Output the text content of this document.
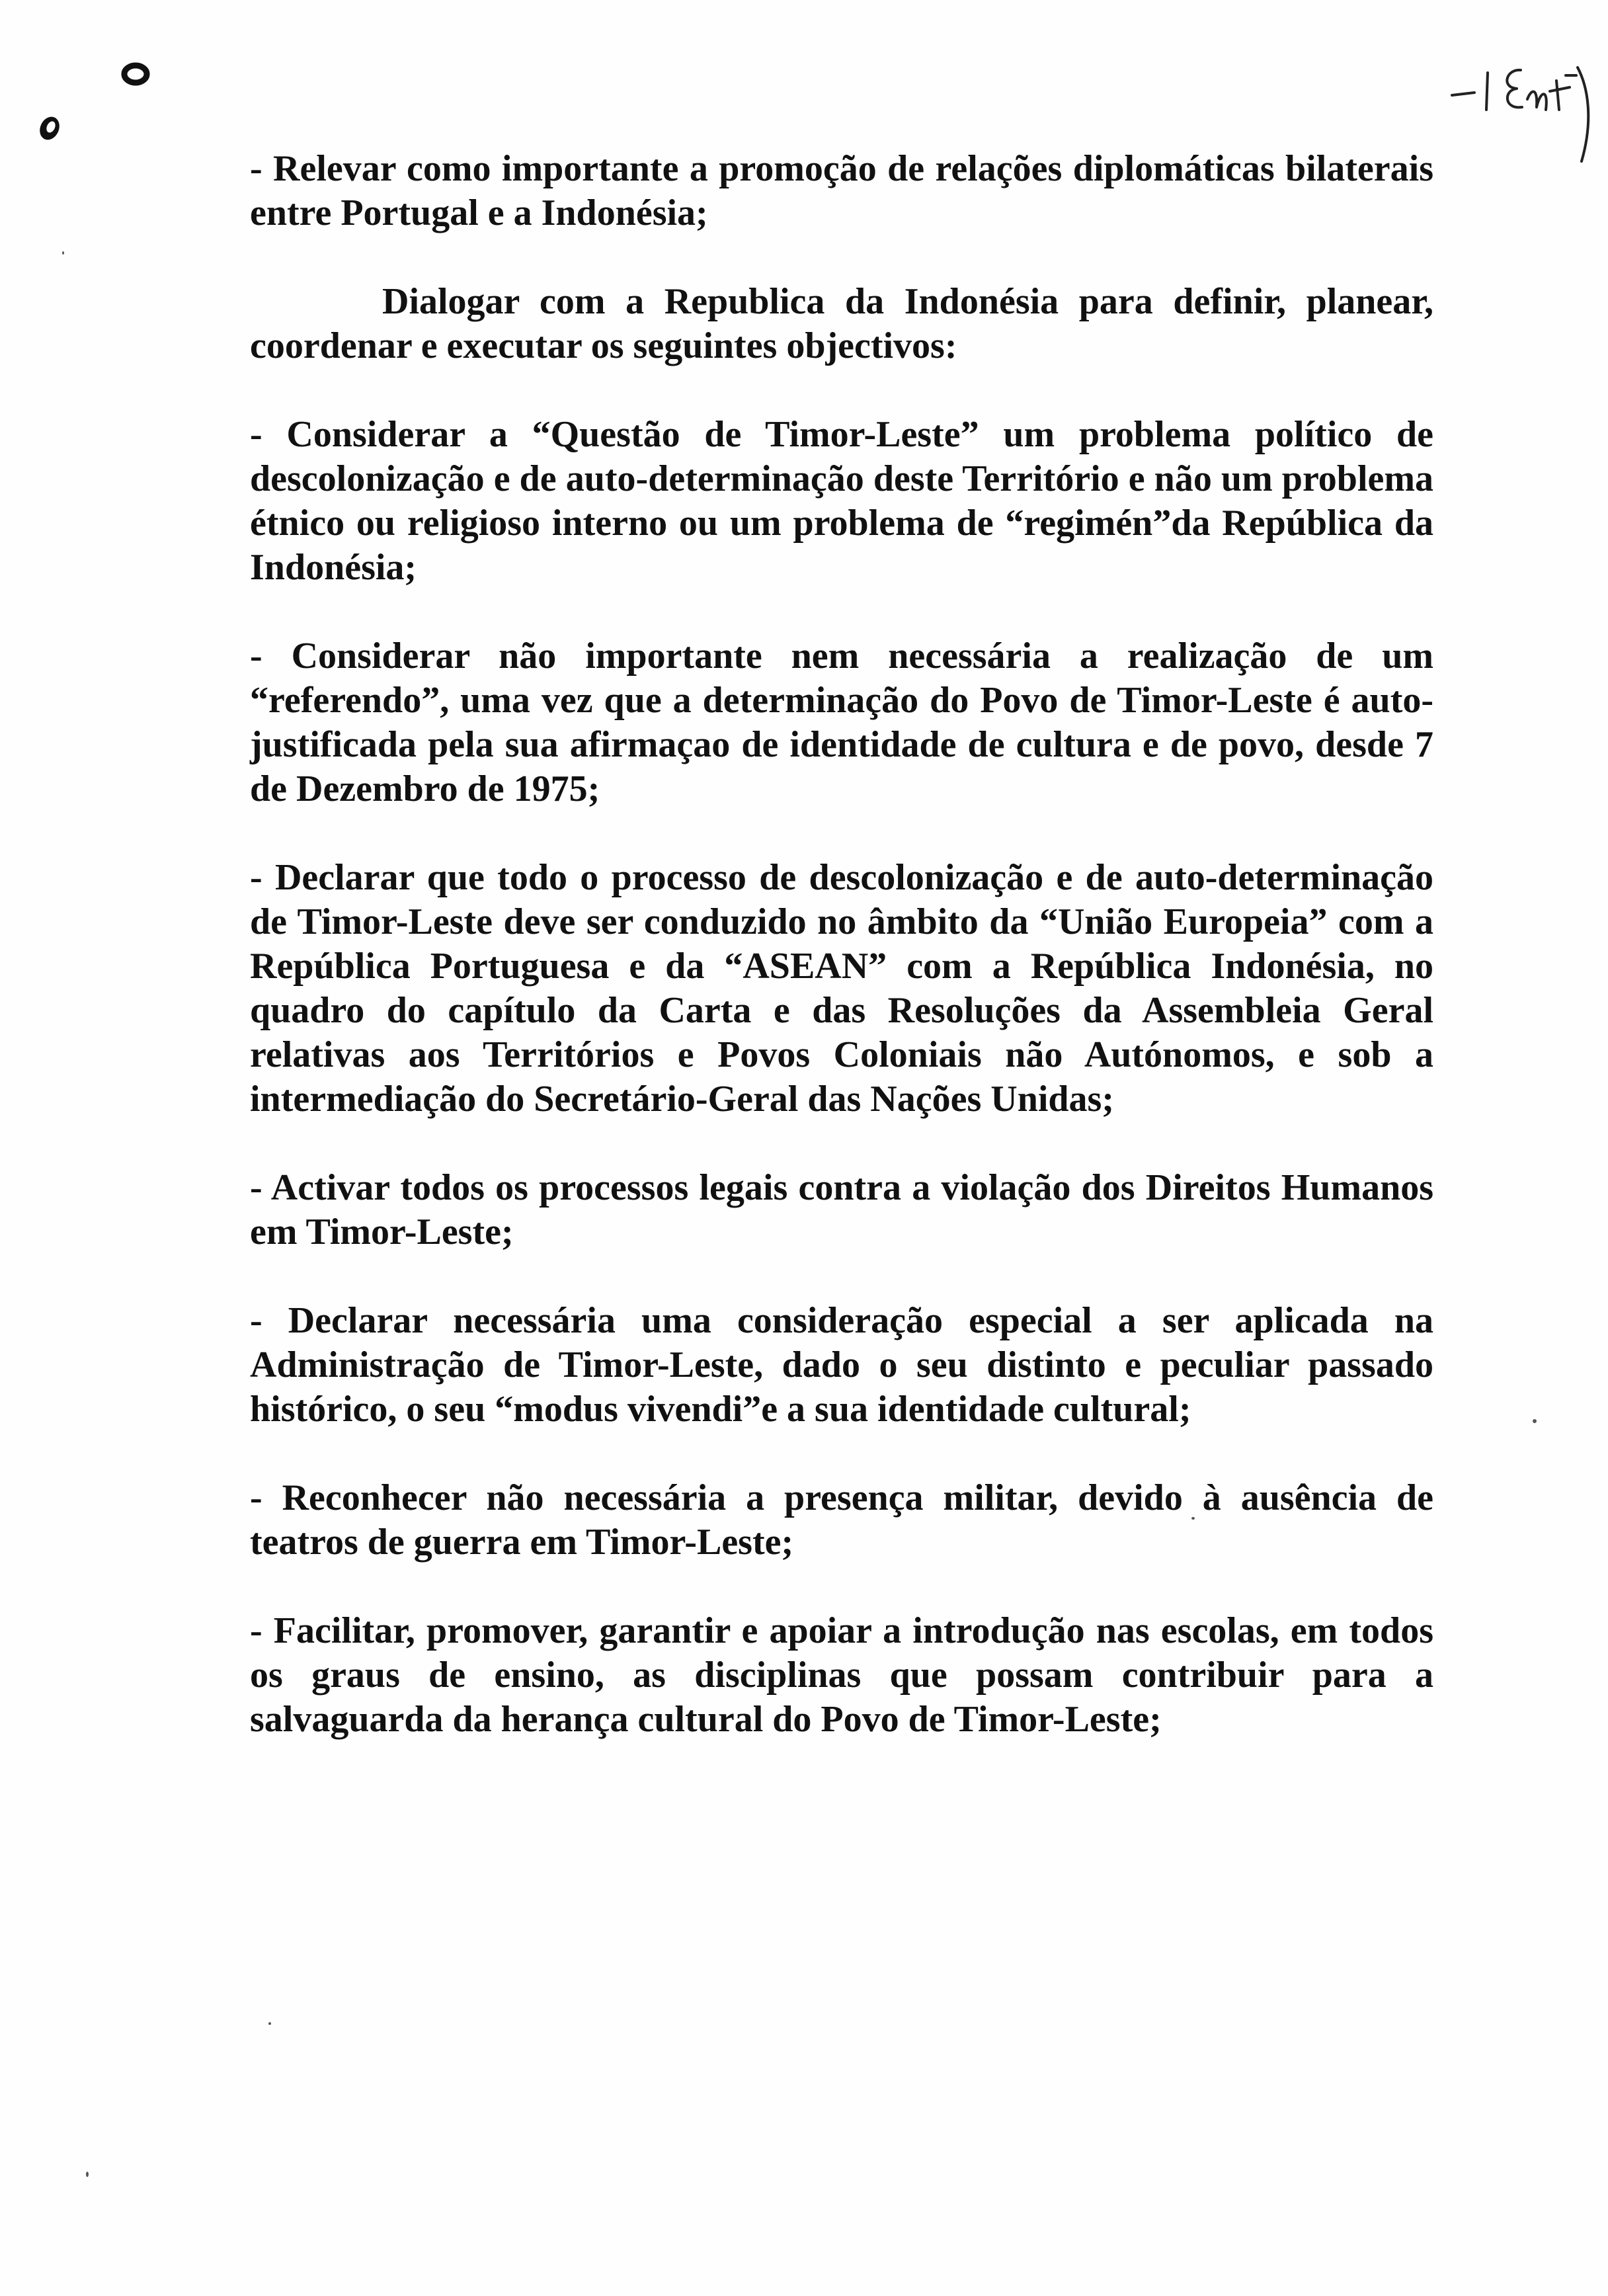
- Relevar como importante a promoção de relações diplomáticas bilaterais entre Portugal e a Indonésia;

Dialogar com a Republica da Indonésia para definir, planear, coordenar e executar os seguintes objectivos:

- Considerar a “Questão de Timor-Leste” um problema político de descolonização e de auto-determinação deste Território e não um problema étnico ou religioso interno ou um problema de “regimén”da República da Indonésia;

- Considerar não importante nem necessária a realização de um “referendo”, uma vez que a determinação do Povo de Timor-Leste é auto-justificada pela sua afirmaçao de identidade de cultura e de povo, desde 7 de Dezembro de 1975;

- Declarar que todo o processo de descolonização e de auto-determinação de Timor-Leste deve ser conduzido no âmbito da “União Europeia” com a República Portuguesa e da “ASEAN” com a República Indonésia, no quadro do capítulo da Carta e das Resoluções da Assembleia Geral relativas aos Territórios e Povos Coloniais não Autónomos, e sob a intermediação do Secretário-Geral das Nações Unidas;

- Activar todos os processos legais contra a violação dos Direitos Humanos em Timor-Leste;

- Declarar necessária uma consideração especial a ser aplicada na Administração de Timor-Leste, dado o seu distinto e peculiar passado histórico, o seu “modus vivendi”e a sua identidade cultural;

- Reconhecer não necessária a presença militar, devido à ausência de teatros de guerra em Timor-Leste;

- Facilitar, promover, garantir e apoiar a introdução nas escolas, em todos os graus de ensino, as disciplinas que possam contribuir para a salvaguarda da herança cultural do Povo de Timor-Leste;
